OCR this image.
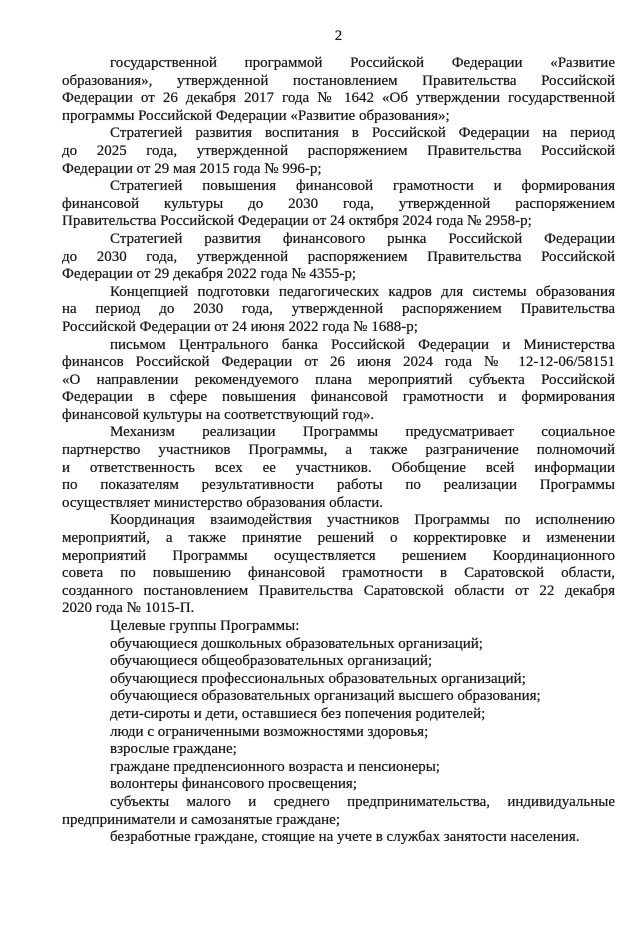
2
государственной программой Российской Федерации «Развитие
образования», утвержденной постановлением Правительства Российской
Федерации от 26 декабря 2017 года № 1642 «Об утверждении государственной
программы Российской Федерации «Развитие образования»;
Стратегией развития воспитания в Российской Федерации на период
до 2025 года, утвержденной распоряжением Правительства Российской
Федерации от 29 мая 2015 года № 996-р;
Стратегией повышения финансовой грамотности и формирования
финансовой культуры до 2030 года, утвержденной распоряжением
Правительства Российской Федерации от 24 октября 2024 года № 2958-р;
Стратегией развития финансового рынка Российской Федерации
до 2030 года, утвержденной распоряжением Правительства Российской
Федерации от 29 декабря 2022 года № 4355-р;
Концепцией подготовки педагогических кадров для системы образования
на период до 2030 года, утвержденной распоряжением Правительства
Российской Федерации от 24 июня 2022 года № 1688-р;
письмом Центрального банка Российской Федерации и Министерства
финансов Российской Федерации от 26 июня 2024 года № 12-12-06/58151
«О направлении рекомендуемого плана мероприятий субъекта Российской
Федерации в сфере повышения финансовой грамотности и формирования
финансовой культуры на соответствующий год».
Механизм реализации Программы предусматривает социальное
партнерство участников Программы, а также разграничение полномочий
и ответственность всех ее участников. Обобщение всей информации
по показателям результативности работы по реализации Программы
осуществляет министерство образования области.
Координация взаимодействия участников Программы по исполнению
мероприятий, а также принятие решений о корректировке и изменении
мероприятий Программы осуществляется решением Координационного
совета по повышению финансовой грамотности в Саратовской области,
созданного постановлением Правительства Саратовской области от 22 декабря
2020 года № 1015-П.
Целевые группы Программы:
обучающиеся дошкольных образовательных организаций;
обучающиеся общеобразовательных организаций;
обучающиеся профессиональных образовательных организаций;
обучающиеся образовательных организаций высшего образования;
дети-сироты и дети, оставшиеся без попечения родителей;
люди с ограниченными возможностями здоровья;
взрослые граждане;
граждане предпенсионного возраста и пенсионеры;
волонтеры финансового просвещения;
субъекты малого и среднего предпринимательства, индивидуальные
предприниматели и самозанятые граждане;
безработные граждане, стоящие на учете в службах занятости населения.
